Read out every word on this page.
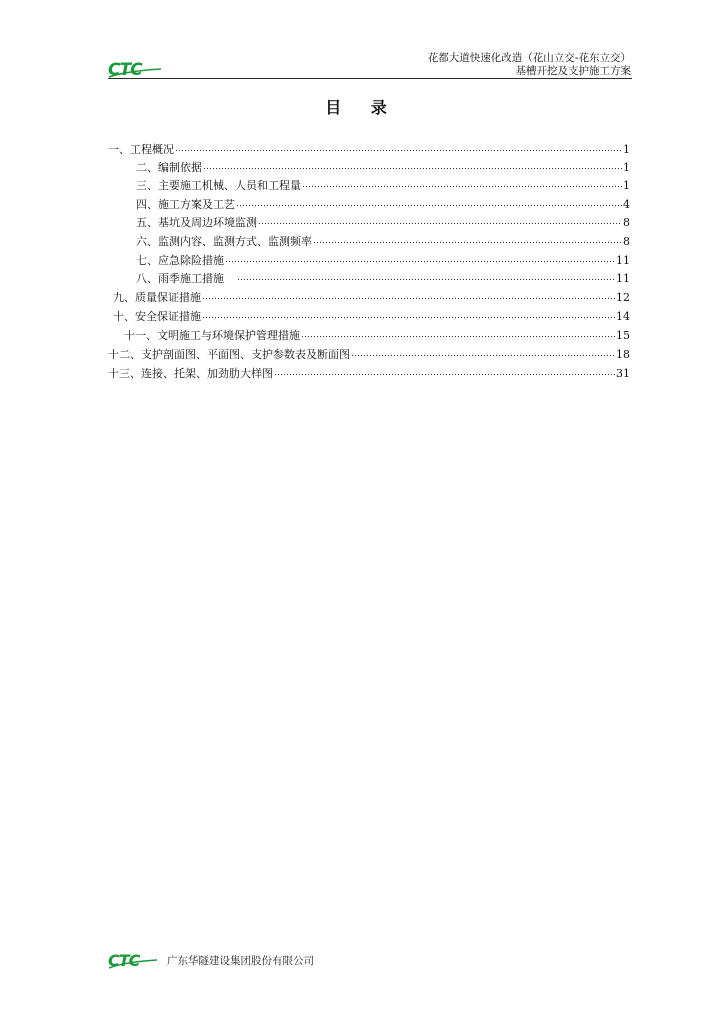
CTC
花都大道快速化改造（花山立交-花东立交）
基槽开挖及支护施工方案
目 录
一、工程概况	1
二、编制依据	1
三、主要施工机械、人员和工程量	1
四、施工方案及工艺	4
五、基坑及周边环境监测	8
六、监测内容、监测方式、监测频率	8
七、应急除险措施	11
八、雨季施工措施	11
九、质量保证措施	12
十、安全保证措施	14
十一、文明施工与环境保护管理措施	15
十二、支护剖面图、平面图、支护参数表及断面图	18
十三、连接、托架、加劲肋大样图	31
CTC	广东华隧建设集团股份有限公司
